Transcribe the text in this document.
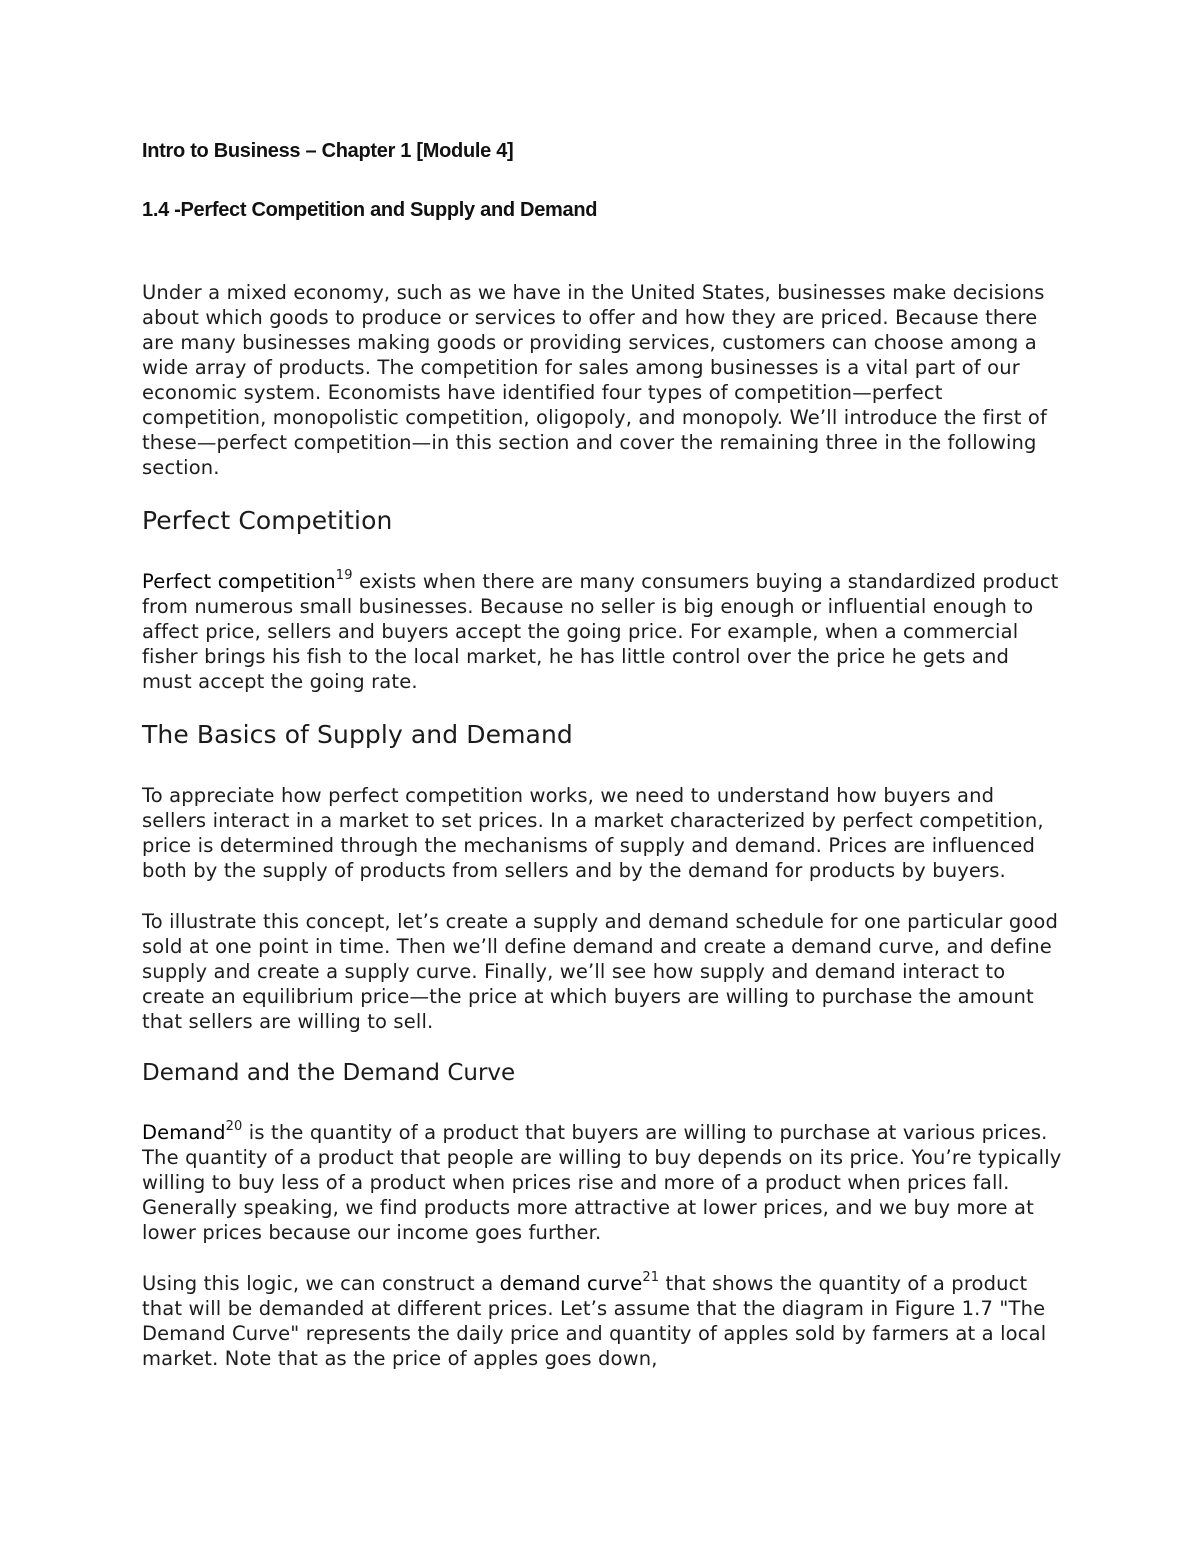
Intro to Business – Chapter 1 [Module 4]
1.4 -Perfect Competition and Supply and Demand

Under a mixed economy, such as we have in the United States, businesses make decisions about which goods to produce or services to offer and how they are priced. Because there are many businesses making goods or providing services, customers can choose among a wide array of products. The competition for sales among businesses is a vital part of our economic system. Economists have identified four types of competition—perfect competition, monopolistic competition, oligopoly, and monopoly. We’ll introduce the first of these—perfect competition—in this section and cover the remaining three in the following section.

Perfect Competition

Perfect competition$^{19}$ exists when there are many consumers buying a standardized product from numerous small businesses. Because no seller is big enough or influential enough to affect price, sellers and buyers accept the going price. For example, when a commercial fisher brings his fish to the local market, he has little control over the price he gets and must accept the going rate.

The Basics of Supply and Demand

To appreciate how perfect competition works, we need to understand how buyers and sellers interact in a market to set prices. In a market characterized by perfect competition, price is determined through the mechanisms of supply and demand. Prices are influenced both by the supply of products from sellers and by the demand for products by buyers.

To illustrate this concept, let’s create a supply and demand schedule for one particular good sold at one point in time. Then we’ll define demand and create a demand curve, and define supply and create a supply curve. Finally, we’ll see how supply and demand interact to create an equilibrium price—the price at which buyers are willing to purchase the amount that sellers are willing to sell.

Demand and the Demand Curve

Demand$^{20}$ is the quantity of a product that buyers are willing to purchase at various prices. The quantity of a product that people are willing to buy depends on its price. You’re typically willing to buy less of a product when prices rise and more of a product when prices fall. Generally speaking, we find products more attractive at lower prices, and we buy more at lower prices because our income goes further.

Using this logic, we can construct a demand curve$^{21}$ that shows the quantity of a product that will be demanded at different prices. Let’s assume that the diagram in Figure 1.7 "The Demand Curve" represents the daily price and quantity of apples sold by farmers at a local market. Note that as the price of apples goes down,
